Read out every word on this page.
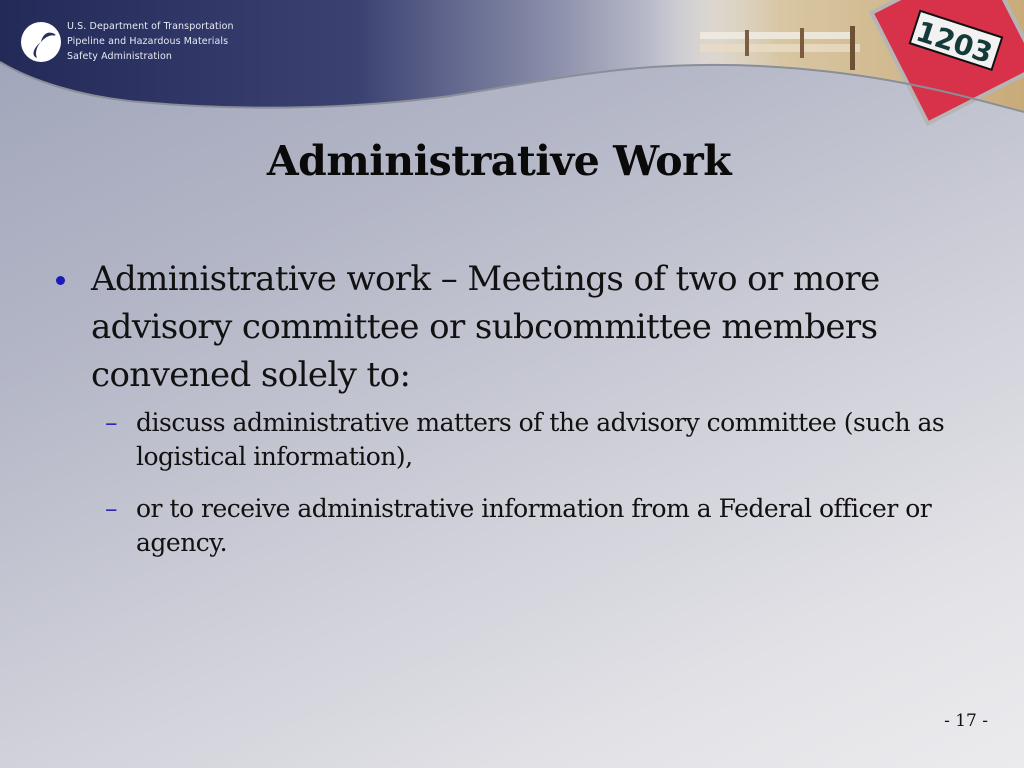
1203
U.S. Department of Transportation
Pipeline and Hazardous Materials
Safety Administration
Administrative Work
Administrative work – Meetings of two or more advisory committee or subcommittee members convened solely to:
– discuss administrative matters of the advisory committee (such as logistical information),
– or to receive administrative information from a Federal officer or agency.
- 17 -
